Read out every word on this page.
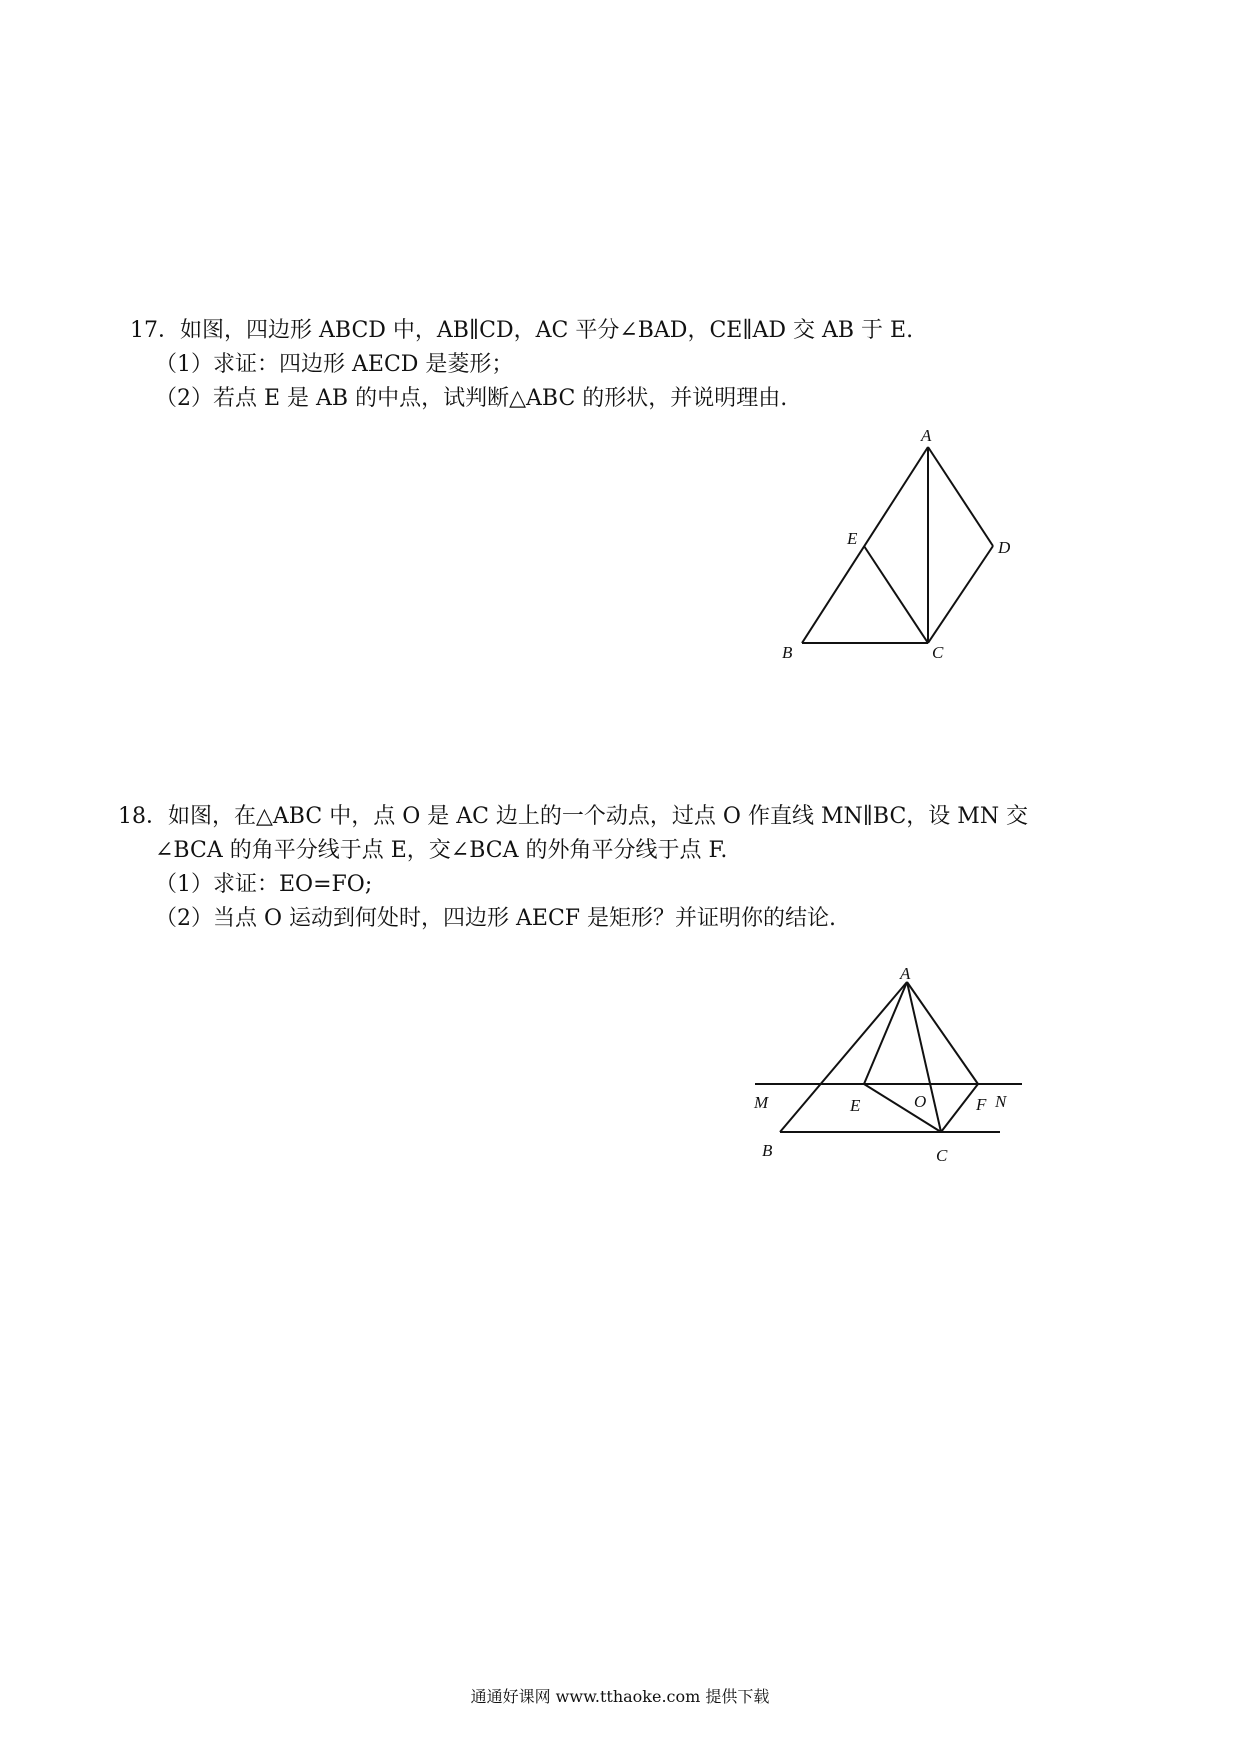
17．如图，四边形 ABCD 中，AB∥CD，AC 平分∠BAD，CE∥AD 交 AB 于 E.
（1）求证：四边形 AECD 是菱形；
（2）若点 E 是 AB 的中点，试判断△ABC 的形状，并说明理由.
A
E	D
B	C
18．如图，在△ABC 中，点 O 是 AC 边上的一个动点，过点 O 作直线 MN∥BC，设 MN 交
∠BCA 的角平分线于点 E，交∠BCA 的外角平分线于点 F.
（1）求证：EO=FO;
（2）当点 O 运动到何处时，四边形 AECF 是矩形？并证明你的结论.
A
M	E	O	F N
B	C
通通好课网 www.tthaoke.com 提供下载
